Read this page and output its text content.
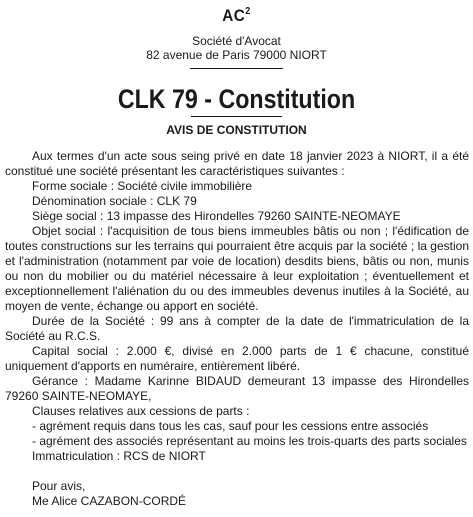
$AC^2$
Société d'Avocat
82 avenue de Paris 79000 NIORT
CLK 79 - Constitution
AVIS DE CONSTITUTION

Aux termes d'un acte sous seing privé en date 18 janvier 2023 à NIORT, il a été constitué une société présentant les caractéristiques suivantes :

Forme sociale : Société civile immobilière

Dénomination sociale : CLK 79

Siège social : 13 impasse des Hirondelles 79260 SAINTE-NEOMAYE

Objet social : l'acquisition de tous biens immeubles bâtis ou non ; l'édification de toutes constructions sur les terrains qui pourraient être acquis par la société ; la gestion et l'administration (notamment par voie de location) desdits biens, bâtis ou non, munis ou non du mobilier ou du matériel nécessaire à leur exploitation ; éventuellement et exceptionnellement l'aliénation du ou des immeubles devenus inutiles à la Société, au moyen de vente, échange ou apport en société.

Durée de la Société : 99 ans à compter de la date de l'immatriculation de la Société au R.C.S.

Capital social : 2.000 €, divisé en 2.000 parts de 1 € chacune, constitué uniquement d'apports en numéraire, entièrement libéré.

Gérance : Madame Karinne BIDAUD demeurant 13 impasse des Hirondelles 79260 SAINTE-NEOMAYE,

Clauses relatives aux cessions de parts :

- agrément requis dans tous les cas, sauf pour les cessions entre associés

- agrément des associés représentant au moins les trois-quarts des parts sociales

Immatriculation : RCS de NIORT

Pour avis,

Me Alice CAZABON-CORDÉ
